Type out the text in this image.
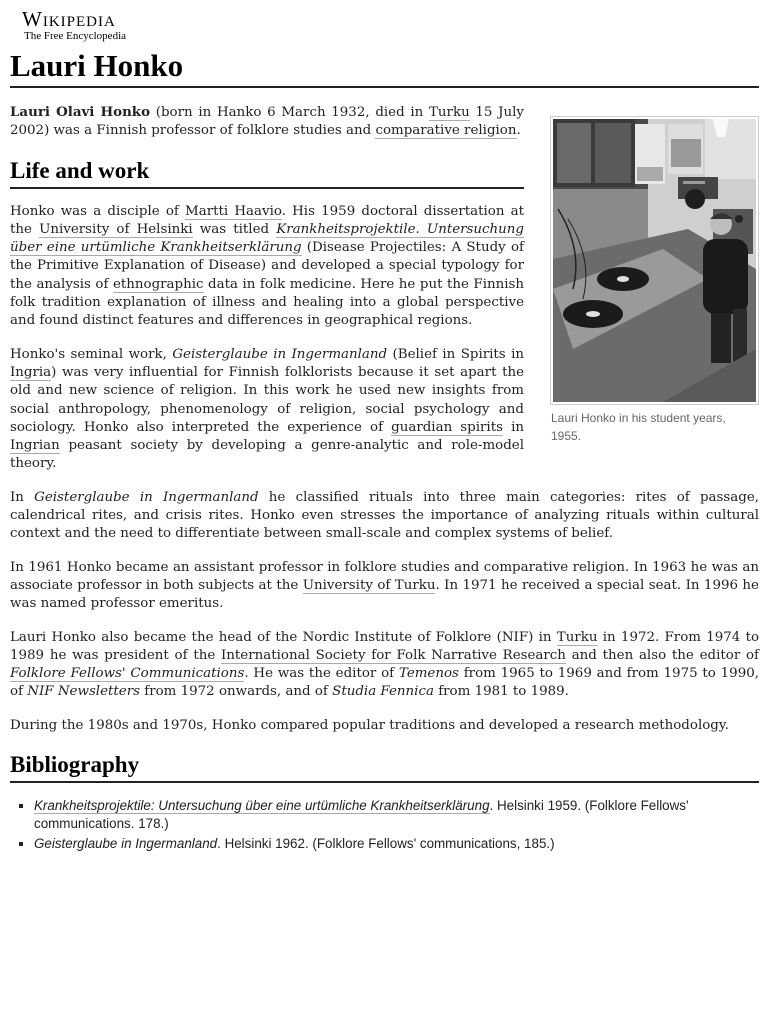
Wikipedia
The Free Encyclopedia
Lauri Honko
Lauri Honko in his student years, 1955.

Lauri Olavi Honko (born in Hanko 6 March 1932, died in Turku 15 July 2002) was a Finnish professor of folklore studies and comparative religion.

Life and work

Honko was a disciple of Martti Haavio. His 1959 doctoral dissertation at the University of Helsinki was titled Krankheitsprojektile. Untersuchung über eine urtümliche Krankheitserklärung (Disease Projectiles: A Study of the Primitive Explanation of Disease) and developed a special typology for the analysis of ethnographic data in folk medicine. Here he put the Finnish folk tradition explanation of illness and healing into a global perspective and found distinct features and differences in geographical regions.

Honko's seminal work, Geisterglaube in Ingermanland (Belief in Spirits in Ingria) was very influential for Finnish folklorists because it set apart the old and new science of religion. In this work he used new insights from social anthropology, phenomenology of religion, social psychology and sociology. Honko also interpreted the experience of guardian spirits in Ingrian peasant society by developing a genre-analytic and role-model theory.

In Geisterglaube in Ingermanland he classified rituals into three main categories: rites of passage, calendrical rites, and crisis rites. Honko even stresses the importance of analyzing rituals within cultural context and the need to differentiate between small-scale and complex systems of belief.

In 1961 Honko became an assistant professor in folklore studies and comparative religion. In 1963 he was an associate professor in both subjects at the University of Turku. In 1971 he received a special seat. In 1996 he was named professor emeritus.

Lauri Honko also became the head of the Nordic Institute of Folklore (NIF) in Turku in 1972. From 1974 to 1989 he was president of the International Society for Folk Narrative Research and then also the editor of Folklore Fellows' Communications. He was the editor of Temenos from 1965 to 1969 and from 1975 to 1990, of NIF Newsletters from 1972 onwards, and of Studia Fennica from 1981 to 1989.

During the 1980s and 1970s, Honko compared popular traditions and developed a research methodology.

Bibliography
▪ Krankheitsprojektile: Untersuchung über eine urtümliche Krankheitserklärung. Helsinki 1959. (Folklore Fellows' communications. 178.)
▪ Geisterglaube in Ingermanland. Helsinki 1962. (Folklore Fellows' communications, 185.)
